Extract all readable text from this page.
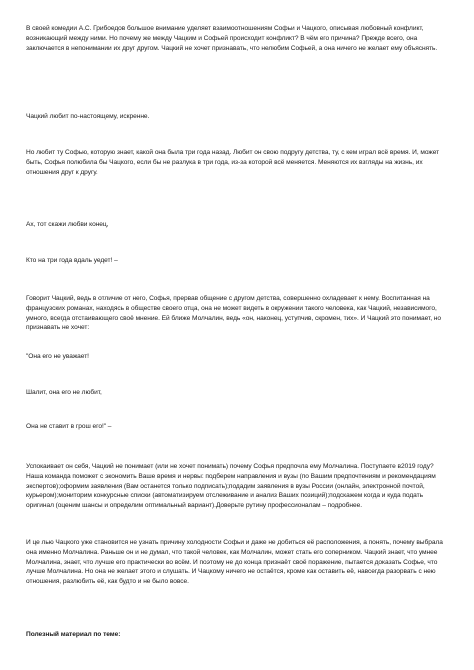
В своей комедии А.С. Грибоедов большое внимание уделяет взаимоотношениям Софьи и Чацкого, описывая любовный конфликт, возникающий между ними. Но почему же между Чацким и Софьей происходит конфликт? В чём его причина? Прежде всего, она заключается в непонимании их друг другом. Чацкий не хочет признавать, что нелюбим Софьей, а она ничего не желает ему объяснять.

Чацкий любит по-настоящему, искренне.

Но любит ту Софью, которую знает, какой она была три года назад. Любит он свою подругу детства, ту, с кем играл всё время. И, может быть, Софья полюбила бы Чацкого, если бы не разлука в три года, из-за которой всё меняется. Меняются их взгляды на жизнь, их отношения друг к другу.

Ах, тот скажи любви конец,

Кто на три года вдаль уедет! –

Говорит Чацкий, ведь в отличие от него, Софья, прервав общение с другом детства, совершенно охладевает к нему. Воспитанная на французских романах, находясь в обществе своего отца, она не может видеть в окружении такого человека, как Чацкий, независимого, умного, всегда отстаивающего своё мнение. Ей ближе Молчалин, ведь «он, наконец, уступчив, скромен, тих». И Чацкий это понимает, но признавать не хочет:

"Она его не уважает!

Шалит, она его не любит,

Она не ставит в грош его!" –

Успокаивает он себя, Чацкий не понимает (или не хочет понимать) почему Софья предпочла ему Молчалина. Поступаете в2019 году? Наша команда поможет с экономить Ваше время и нервы: подберем направления и вузы (по Вашим предпочтениям и рекомендациям экспертов);оформим заявления (Вам останется только подписать);подадим заявления в вузы России (онлайн, электронной почтой, курьером);мониторим конкурсные списки (автоматизируем отслеживание и анализ Ваших позиций);подскажем когда и куда подать оригинал (оценим шансы и определим оптимальный вариант).Доверьте рутину профессионалам – подробнее.

И це лью Чацкого уже становится не узнать причину холодности Софьи и даже не добиться её расположения, а понять, почему выбрала она именно Молчалина. Раньше он и не думал, что такой человек, как Молчалин, может стать его соперником. Чацкий знает, что умнее Молчалина, знает, что лучше его практически во всём. И поэтому не до конца признаёт своё поражение, пытается доказать Софье, что лучше Молчалина. Но она не желает этого и слушать. И Чацкому ничего не остаётся, кроме как оставить её, навсегда разорвать с нею отношения, разлюбить её, как будто и не было вовсе.

Полезный материал по теме:
